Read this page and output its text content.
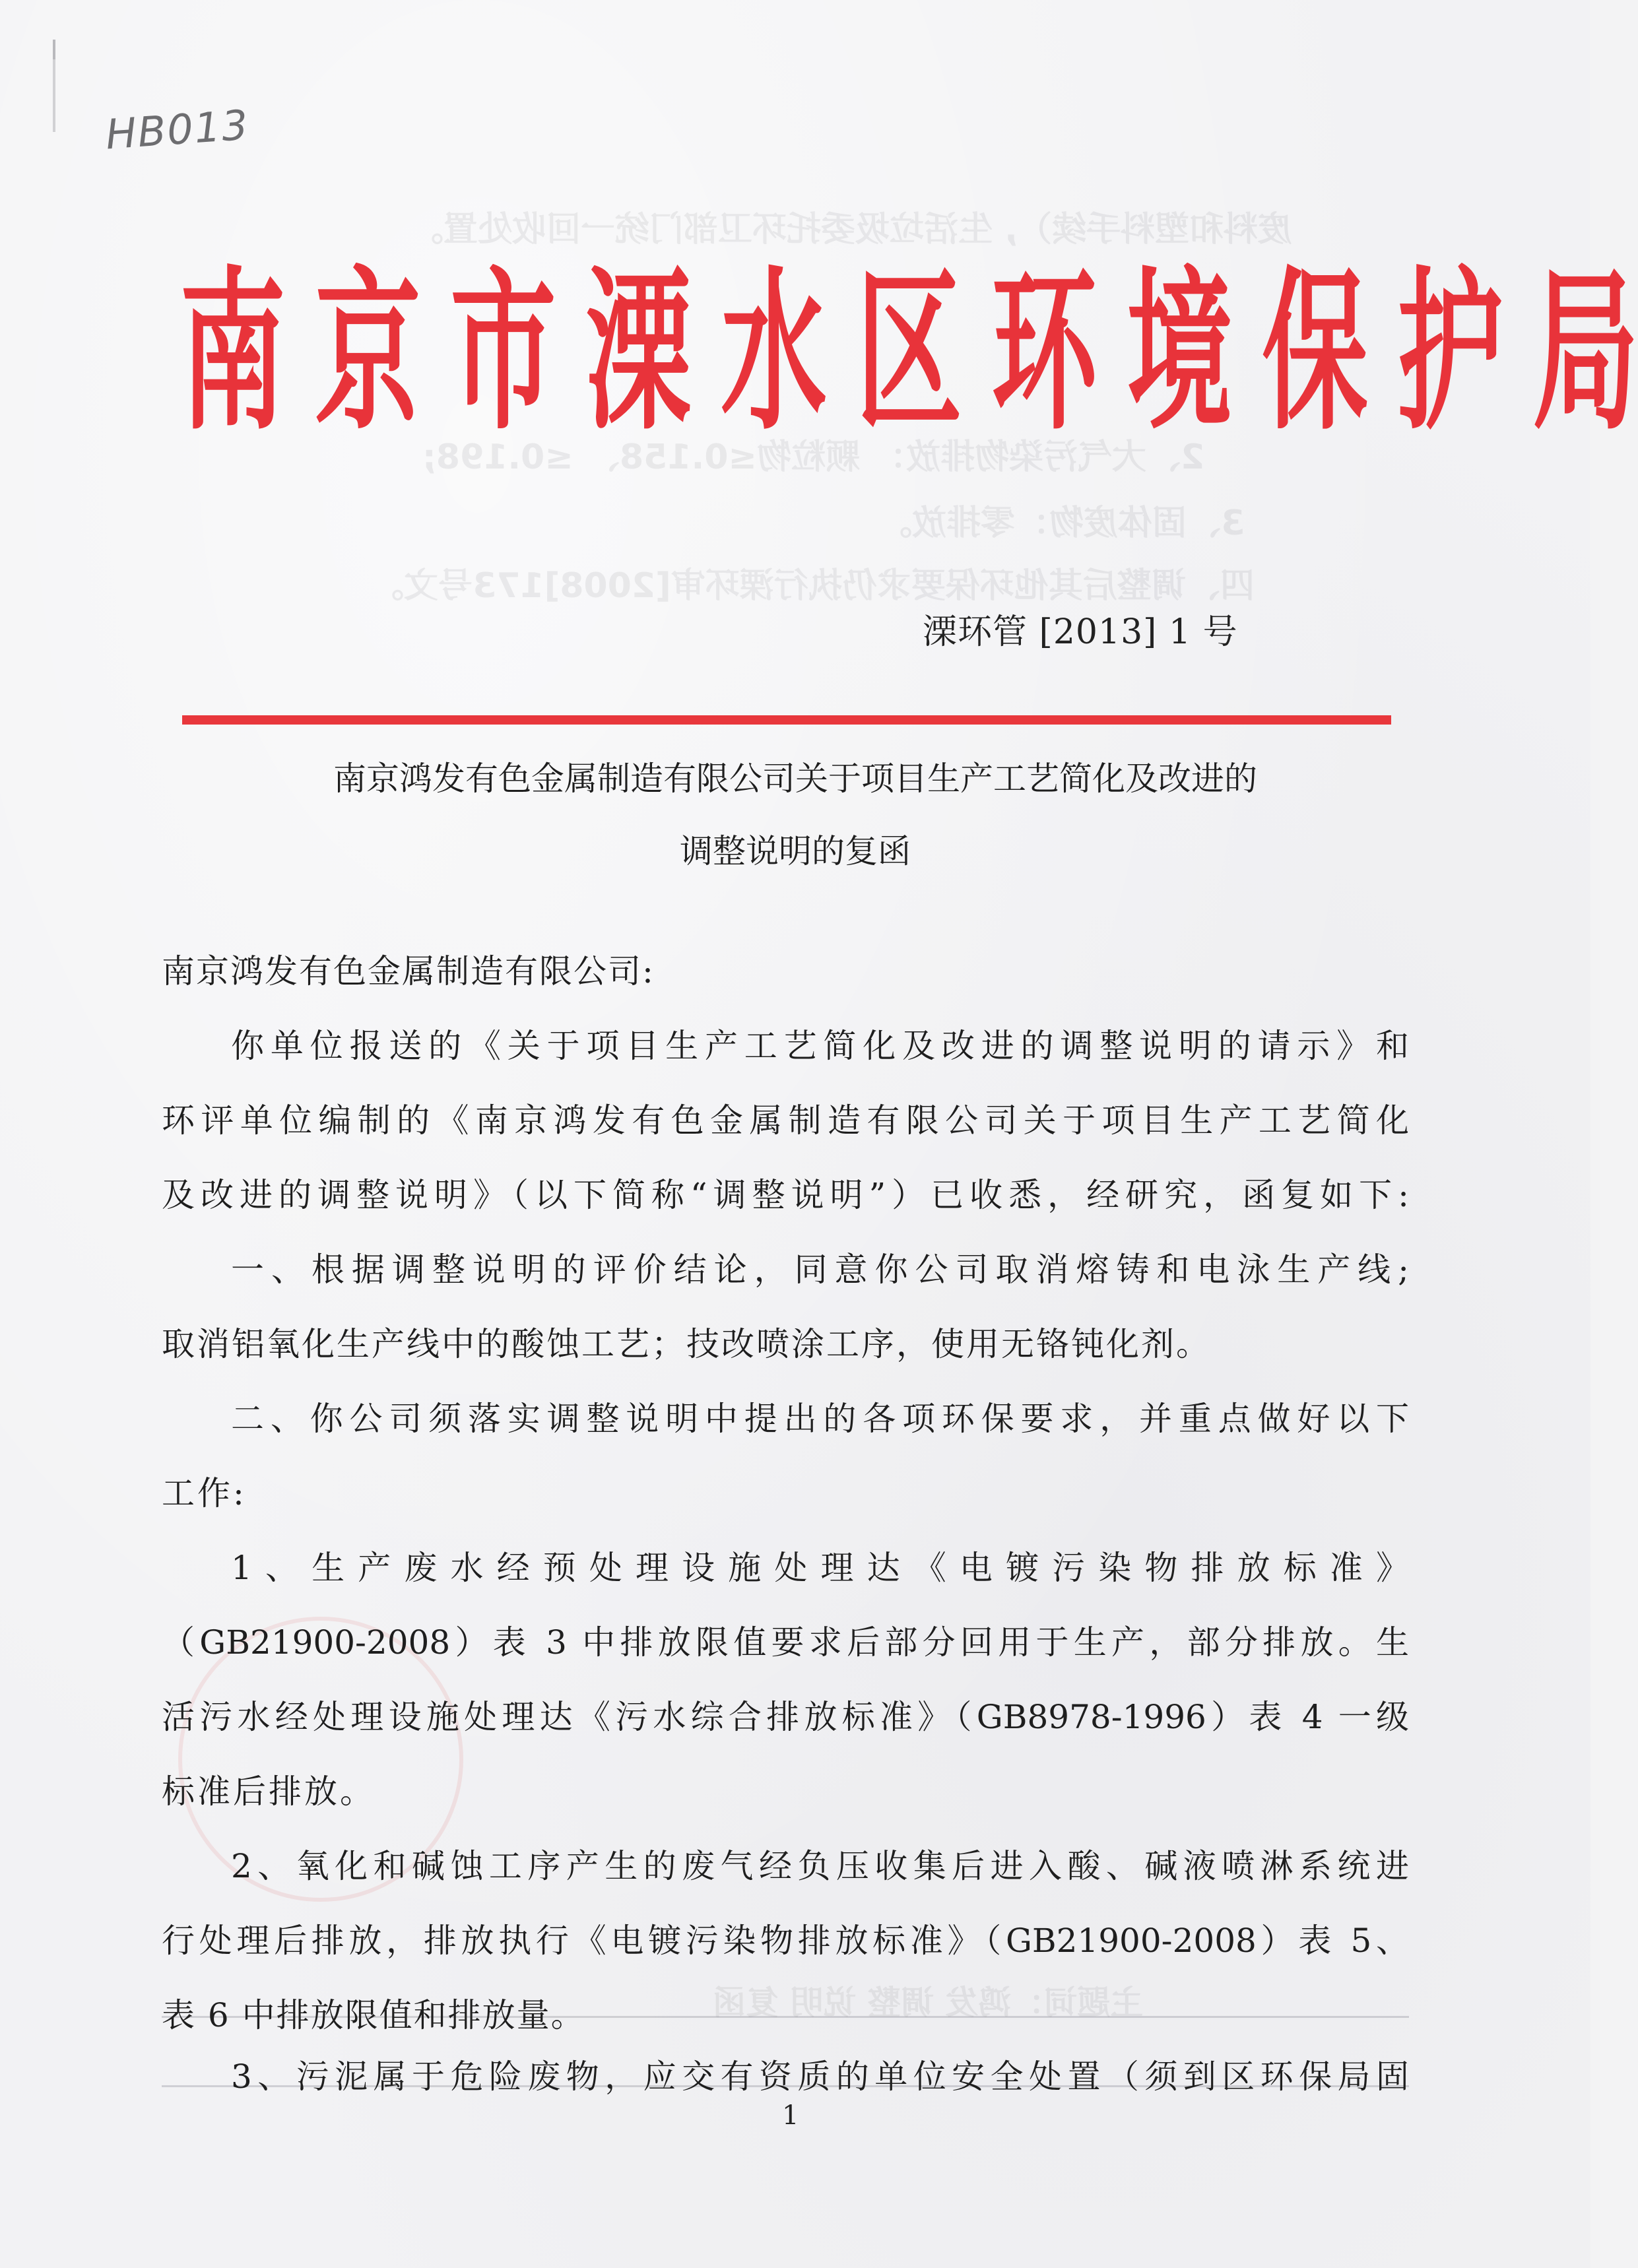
HB013
废料和塑料手续）, 生活垃圾委托环卫部门统一回收处置。
2、大气污染物排放： 颗粒物≤0.158、 ≤0.198;
3、固体废物：零排放。
四、调整后其他环保要求仍执行溧环审[2008]173号文。
主题词：鸿发 调整 说明 复函
南 京 市 溧 水 区 环 境 保 护 局
溧环管 [2013] 1 号
南京鸿发有色金属制造有限公司关于项目生产工艺简化及改进的
调整说明的复函
南京鸿发有色金属制造有限公司:
你单位报送的《关于项目生产工艺简化及改进的调整说明的请示》和
环评单位编制的《南京鸿发有色金属制造有限公司关于项目生产工艺简化
及改进的调整说明》（以下简称“调整说明”）已收悉，经研究，函复如下:
一、根据调整说明的评价结论，同意你公司取消熔铸和电泳生产线;
取消铝氧化生产线中的酸蚀工艺；技改喷涂工序，使用无铬钝化剂。
二、你公司须落实调整说明中提出的各项环保要求，并重点做好以下
工作:
1、生产废水经预处理设施处理达《电镀污染物排放标准》
（GB21900-2008）表 3 中排放限值要求后部分回用于生产，部分排放。生
活污水经处理设施处理达《污水综合排放标准》（GB8978-1996）表 4 一级
标准后排放。
2、氧化和碱蚀工序产生的废气经负压收集后进入酸、碱液喷淋系统进
行处理后排放，排放执行《电镀污染物排放标准》（GB21900-2008）表 5、
表 6 中排放限值和排放量。
3、污泥属于危险废物，应交有资质的单位安全处置（须到区环保局固
1
